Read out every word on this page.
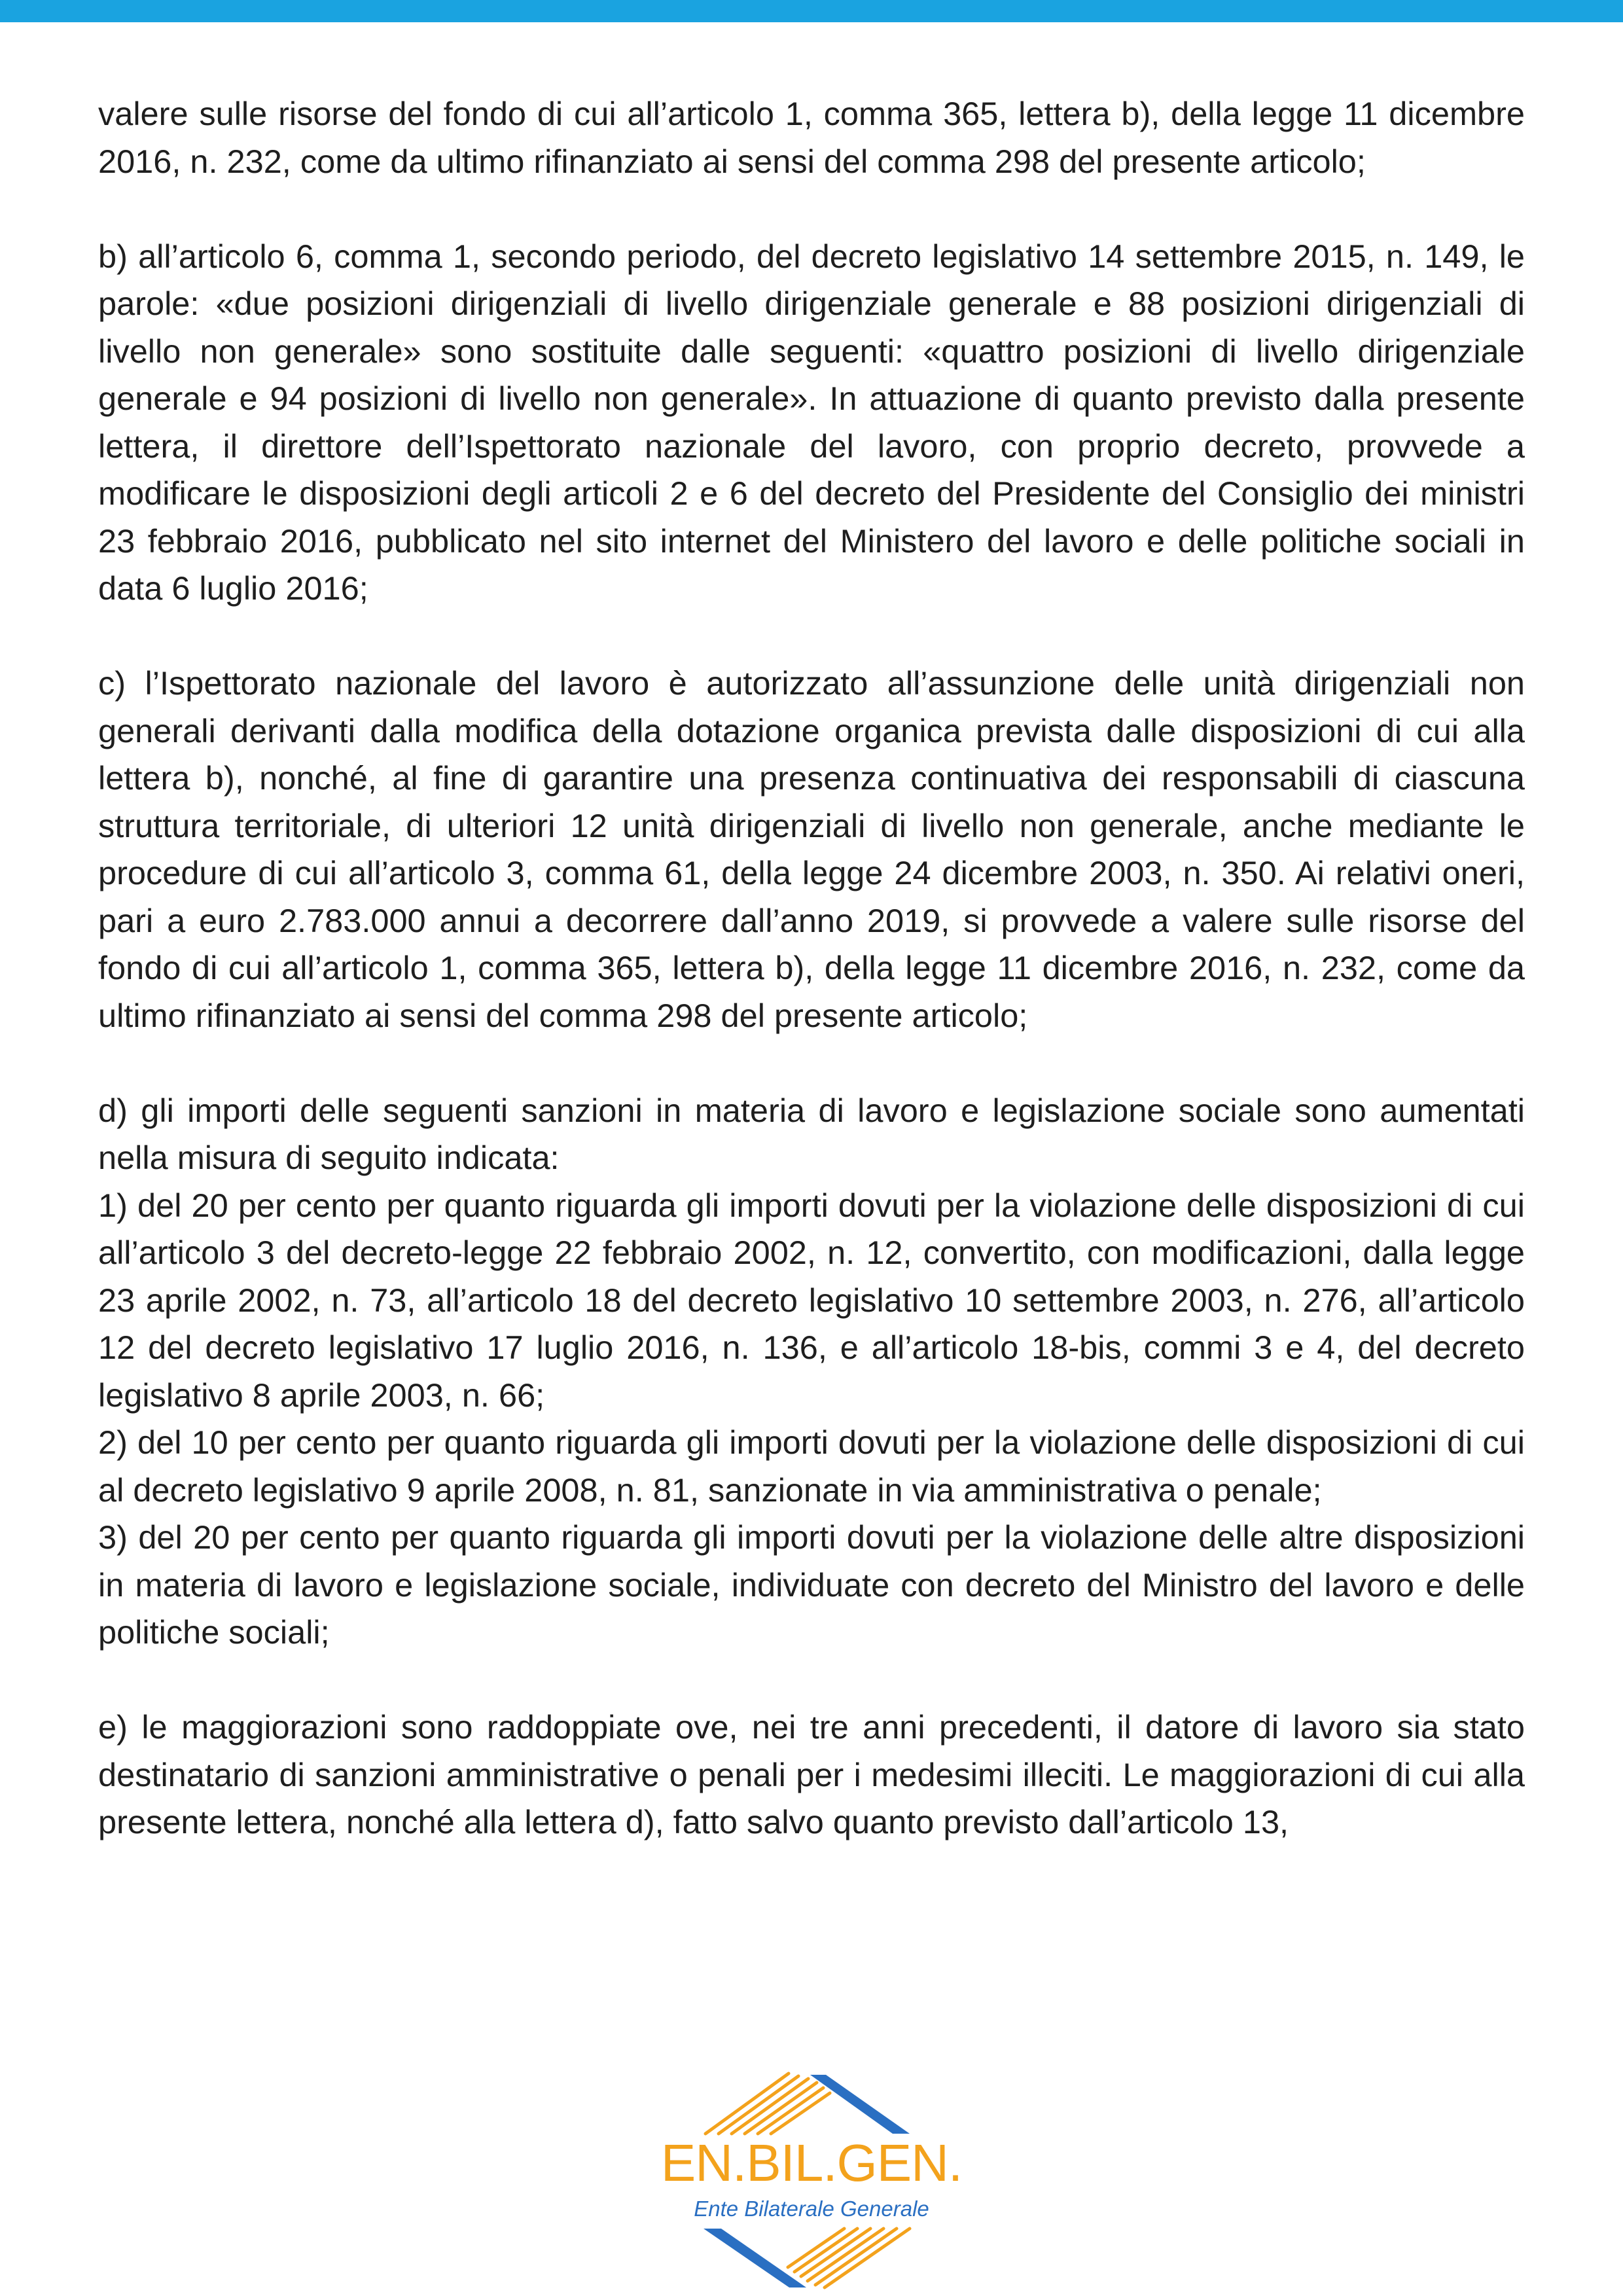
valere sulle risorse del fondo di cui all’articolo 1, comma 365, lettera b), della legge 11 dicembre 2016, n. 232, come da ultimo rifinanziato ai sensi del comma 298 del presente articolo;

b) all’articolo 6, comma 1, secondo periodo, del decreto legislativo 14 settembre 2015, n. 149, le parole: «due posizioni dirigenziali di livello dirigenziale generale e 88 posizioni dirigenziali di livello non generale» sono sostituite dalle seguenti: «quattro posizioni di livello dirigenziale generale e 94 posizioni di livello non generale». In attuazione di quanto previsto dalla presente lettera, il direttore dell’Ispettorato nazionale del lavoro, con proprio decreto, provvede a modificare le disposizioni degli articoli 2 e 6 del decreto del Presidente del Consiglio dei ministri 23 febbraio 2016, pubblicato nel sito internet del Ministero del lavoro e delle politiche sociali in data 6 luglio 2016;

c) l’Ispettorato nazionale del lavoro è autorizzato all’assunzione delle unità dirigenziali non generali derivanti dalla modifica della dotazione organica prevista dalle disposizioni di cui alla lettera b), nonché, al fine di garantire una presenza continuativa dei responsabili di ciascuna struttura territoriale, di ulteriori 12 unità dirigenziali di livello non generale, anche mediante le procedure di cui all’articolo 3, comma 61, della legge 24 dicembre 2003, n. 350. Ai relativi oneri, pari a euro 2.783.000 annui a decorrere dall’anno 2019, si provvede a valere sulle risorse del fondo di cui all’articolo 1, comma 365, lettera b), della legge 11 dicembre 2016, n. 232, come da ultimo rifinanziato ai sensi del comma 298 del presente articolo;

d) gli importi delle seguenti sanzioni in materia di lavoro e legislazione sociale sono aumentati nella misura di seguito indicata:

1) del 20 per cento per quanto riguarda gli importi dovuti per la violazione delle disposizioni di cui all’articolo 3 del decreto-legge 22 febbraio 2002, n. 12, convertito, con modificazioni, dalla legge 23 aprile 2002, n. 73, all’articolo 18 del decreto legislativo 10 settembre 2003, n. 276, all’articolo 12 del decreto legislativo 17 luglio 2016, n. 136, e all’articolo 18-bis, commi 3 e 4, del decreto legislativo 8 aprile 2003, n. 66;

2) del 10 per cento per quanto riguarda gli importi dovuti per la violazione delle disposizioni di cui al decreto legislativo 9 aprile 2008, n. 81, sanzionate in via amministrativa o penale;

3) del 20 per cento per quanto riguarda gli importi dovuti per la violazione delle altre disposizioni in materia di lavoro e legislazione sociale, individuate con decreto del Ministro del lavoro e delle politiche sociali;

e) le maggiorazioni sono raddoppiate ove, nei tre anni precedenti, il datore di lavoro sia stato destinatario di sanzioni amministrative o penali per i medesimi illeciti. Le maggiorazioni di cui alla presente lettera, nonché alla lettera d), fatto salvo quanto previsto dall’articolo 13,

EN.BIL.GEN.
Ente Bilaterale Generale
